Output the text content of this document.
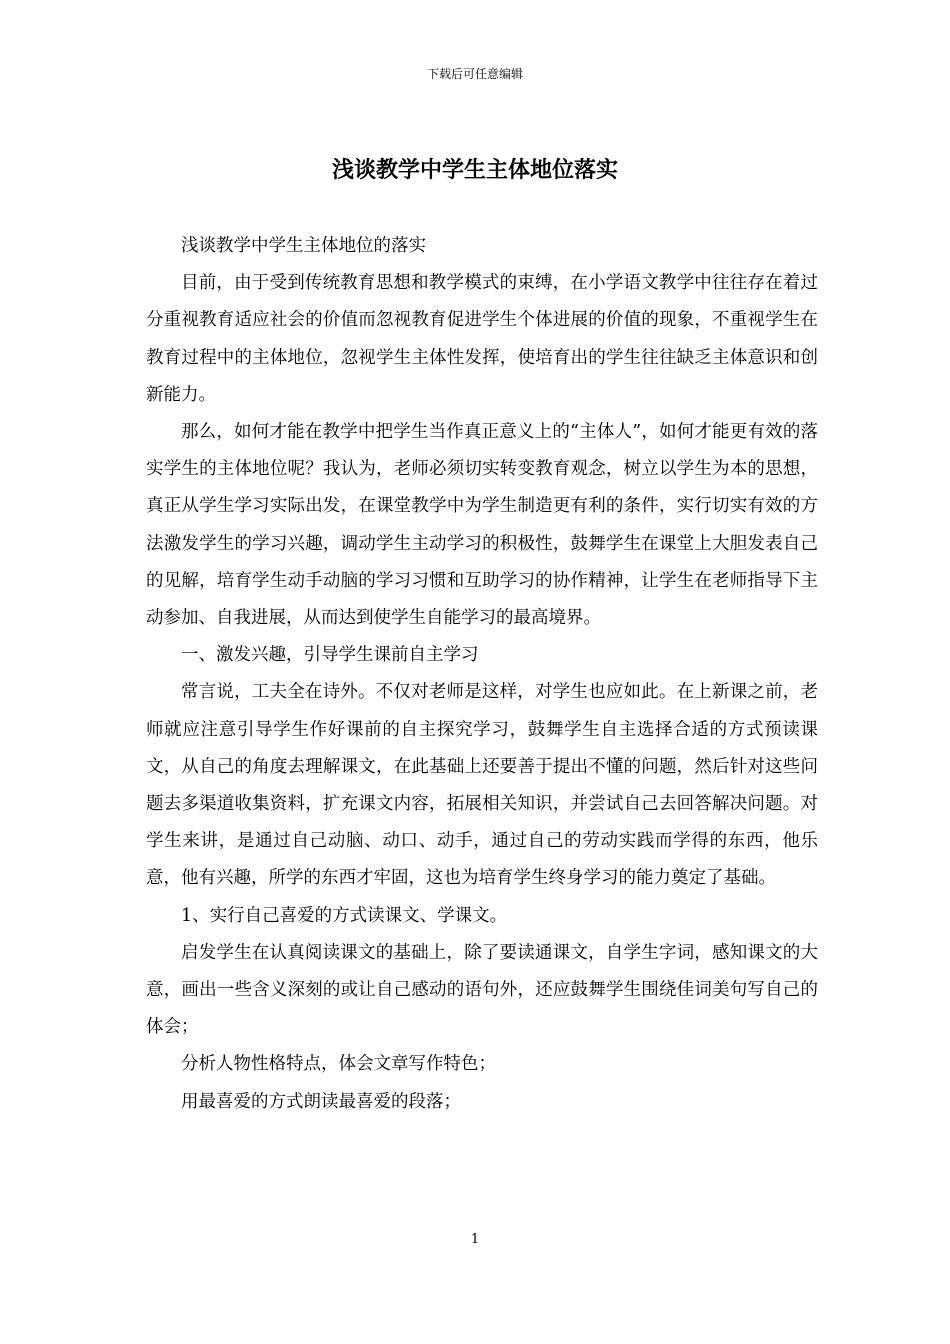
下载后可任意编辑
浅谈教学中学生主体地位落实

浅谈教学中学生主体地位的落实

目前，由于受到传统教育思想和教学模式的束缚，在小学语文教学中往往存在着过分重视教育适应社会的价值而忽视教育促进学生个体进展的价值的现象，不重视学生在教育过程中的主体地位，忽视学生主体性发挥，使培育出的学生往往缺乏主体意识和创新能力。

那么，如何才能在教学中把学生当作真正意义上的“主体人”，如何才能更有效的落实学生的主体地位呢？我认为，老师必须切实转变教育观念，树立以学生为本的思想，真正从学生学习实际出发，在课堂教学中为学生制造更有利的条件，实行切实有效的方法激发学生的学习兴趣，调动学生主动学习的积极性，鼓舞学生在课堂上大胆发表自己的见解，培育学生动手动脑的学习习惯和互助学习的协作精神，让学生在老师指导下主动参加、自我进展，从而达到使学生自能学习的最高境界。

一、激发兴趣，引导学生课前自主学习

常言说，工夫全在诗外。不仅对老师是这样，对学生也应如此。在上新课之前，老师就应注意引导学生作好课前的自主探究学习，鼓舞学生自主选择合适的方式预读课文，从自己的角度去理解课文，在此基础上还要善于提出不懂的问题，然后针对这些问题去多渠道收集资料，扩充课文内容，拓展相关知识，并尝试自己去回答解决问题。对学生来讲，是通过自己动脑、动口、动手，通过自己的劳动实践而学得的东西，他乐意，他有兴趣，所学的东西才牢固，这也为培育学生终身学习的能力奠定了基础。

1、实行自己喜爱的方式读课文、学课文。

启发学生在认真阅读课文的基础上，除了要读通课文，自学生字词，感知课文的大意，画出一些含义深刻的或让自己感动的语句外，还应鼓舞学生围绕佳词美句写自己的体会；

分析人物性格特点，体会文章写作特色；

用最喜爱的方式朗读最喜爱的段落；

1
